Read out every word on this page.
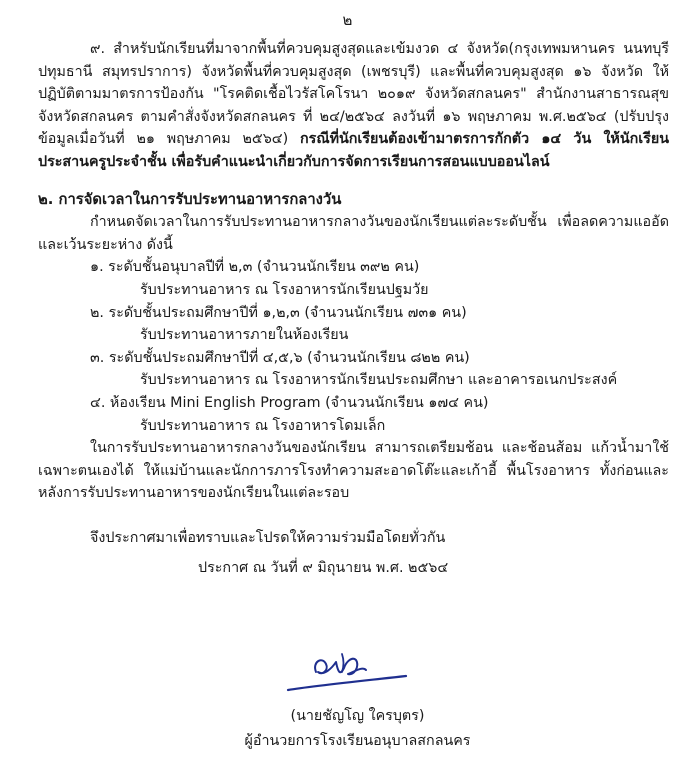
๒

๙. สำหรับนักเรียนที่มาจากพื้นที่ควบคุมสูงสุดและเข้มงวด ๔ จังหวัด(กรุงเทพมหานคร นนทบุรี ปทุมธานี สมุทรปราการ) จังหวัดพื้นที่ควบคุมสูงสุด (เพชรบุรี) และพื้นที่ควบคุมสูงสุด ๑๖ จังหวัด ให้ปฏิบัติตามมาตรการป้องกัน "โรคติดเชื้อไวรัสโคโรนา ๒๐๑๙ จังหวัดสกลนคร" สำนักงานสาธารณสุขจังหวัดสกลนคร ตามคำสั่งจังหวัดสกลนคร ที่ ๒๔/๒๕๖๔ ลงวันที่ ๑๖ พฤษภาคม พ.ศ.๒๕๖๔ (ปรับปรุงข้อมูลเมื่อวันที่ ๒๑ พฤษภาคม ๒๕๖๔) กรณีที่นักเรียนต้องเข้ามาตรการกักตัว ๑๔ วัน ให้นักเรียนประสานครูประจำชั้น เพื่อรับคำแนะนำเกี่ยวกับการจัดการเรียนการสอนแบบออนไลน์

๒. การจัดเวลาในการรับประทานอาหารกลางวัน

กำหนดจัดเวลาในการรับประทานอาหารกลางวันของนักเรียนแต่ละระดับชั้น เพื่อลดความแออัดและเว้นระยะห่าง ดังนี้

๑. ระดับชั้นอนุบาลปีที่ ๒,๓ (จำนวนนักเรียน ๓๙๒ คน)

รับประทานอาหาร ณ โรงอาหารนักเรียนปฐมวัย

๒. ระดับชั้นประถมศึกษาปีที่ ๑,๒,๓ (จำนวนนักเรียน ๗๓๑ คน)

รับประทานอาหารภายในห้องเรียน

๓. ระดับชั้นประถมศึกษาปีที่ ๔,๕,๖ (จำนวนนักเรียน ๘๒๒ คน)

รับประทานอาหาร ณ โรงอาหารนักเรียนประถมศึกษา และอาคารอเนกประสงค์

๔. ห้องเรียน Mini English Program (จำนวนนักเรียน ๑๗๔ คน)

รับประทานอาหาร ณ โรงอาหารโดมเล็ก

ในการรับประทานอาหารกลางวันของนักเรียน สามารถเตรียมช้อน และช้อนส้อม แก้วน้ำมาใช้เฉพาะตนเองได้ ให้แม่บ้านและนักการภารโรงทำความสะอาดโต๊ะและเก้าอี้ พื้นโรงอาหาร ทั้งก่อนและหลังการรับประทานอาหารของนักเรียนในแต่ละรอบ

จึงประกาศมาเพื่อทราบและโปรดให้ความร่วมมือโดยทั่วกัน

ประกาศ ณ วันที่ ๙ มิถุนายน พ.ศ. ๒๕๖๔

(นายชัญโญ ใครบุตร)
ผู้อำนวยการโรงเรียนอนุบาลสกลนคร
